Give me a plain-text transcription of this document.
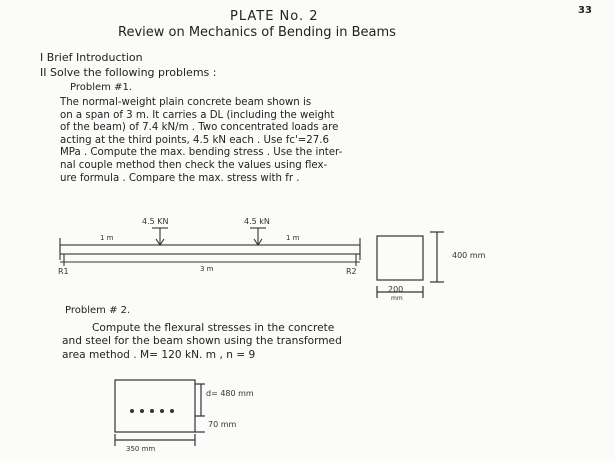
33
PLATE No. 2
Review on Mechanics of Bending in Beams
I Brief Introduction
II Solve the following problems :
Problem #1.
The normal-weight plain concrete beam shown is
on a span of 3 m. It carries a DL (including the weight
of the beam) of 7.4 kN/m . Two concentrated loads are
acting at the third points, 4.5 kN each . Use fc'=27.6
MPa . Compute the max. bending stress . Use the inter-
nal couple method then check the values using flex-
ure formula . Compare the max. stress with fr .
4.5 KN	4.5 kN
1 m	1 m
3 m
R1	R2
400 mm
200
mm
d= 480 mm
70 mm
350 mm
Problem # 2.
Compute the flexural stresses in the concrete
and steel for the beam shown using the transformed
area method . M= 120 kN. m , n = 9
